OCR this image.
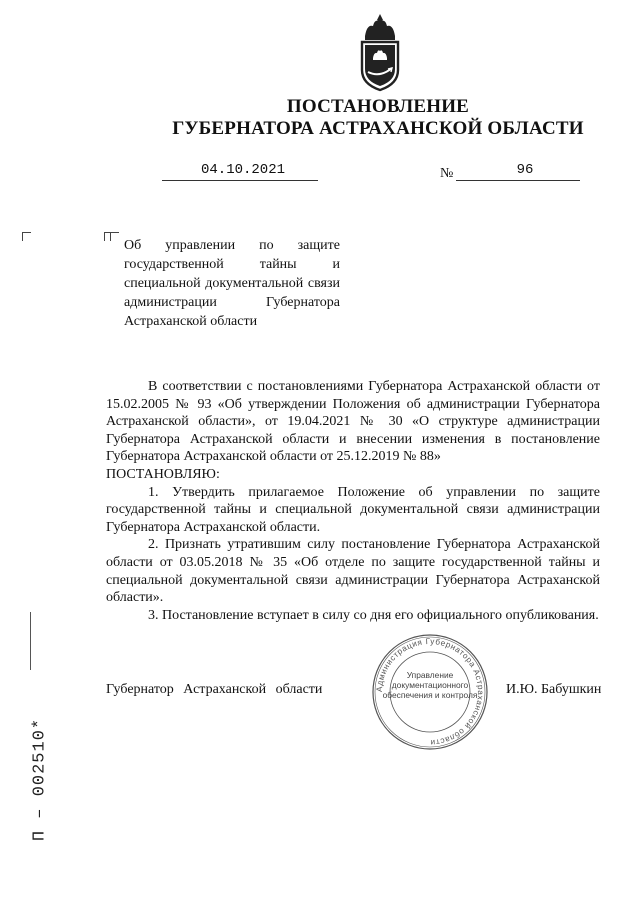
ПОСТАНОВЛЕНИЕ
ГУБЕРНАТОРА АСТРАХАНСКОЙ ОБЛАСТИ
04.10.2021	№	96
Об управлении по защите государственной тайны и специальной документальной связи администрации Губернатора Астраханской области

В соответствии с постановлениями Губернатора Астраханской области от 15.02.2005 № 93 «Об утверждении Положения об администрации Губернатора Астраханской области», от 19.04.2021 № 30 «О структуре администрации Губернатора Астраханской области и внесении изменения в постановление Губернатора Астраханской области от 25.12.2019 № 88»

ПОСТАНОВЛЯЮ:

1. Утвердить прилагаемое Положение об управлении по защите государственной тайны и специальной документальной связи администрации Губернатора Астраханской области.

2. Признать утратившим силу постановление Губернатора Астраханской области от 03.05.2018 № 35 «Об отделе по защите государственной тайны и специальной документальной связи администрации Губернатора Астраханской области».

3. Постановление вступает в силу со дня его официального опубликования.

Губернатор Астраханской области	И.Ю. Бабушкин
Администрация Губернатора Астраханской области
Управление документационного обеспечения и контроля
П – 002510*
